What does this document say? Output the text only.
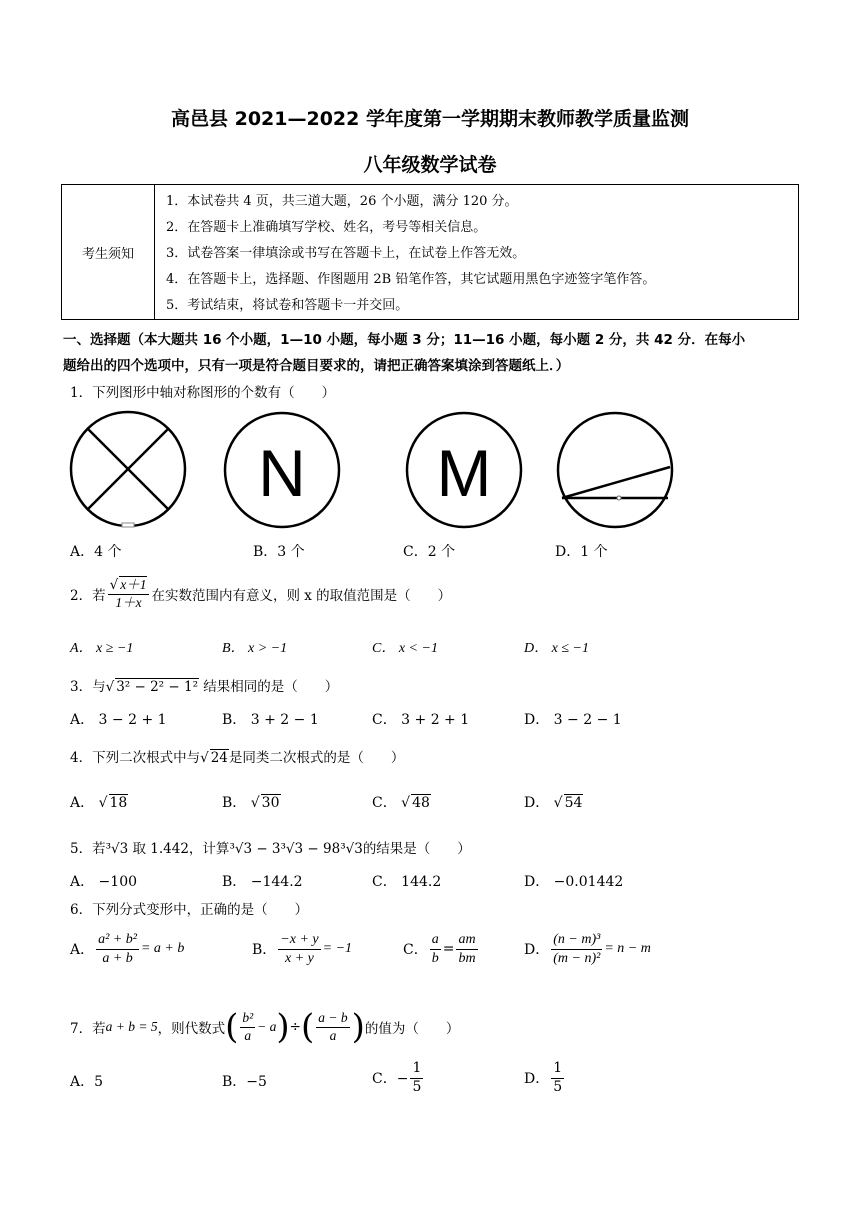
高邑县 2021—2022 学年度第一学期期末教师教学质量监测
八年级数学试卷
考生须知
1．本试卷共 4 页，共三道大题，26 个小题，满分 120 分。
2．在答题卡上准确填写学校、姓名，考号等相关信息。
3．试卷答案一律填涂或书写在答题卡上，在试卷上作答无效。
4．在答题卡上，选择题、作图题用 2B 铅笔作答，其它试题用黑色字迹签字笔作答。
5．考试结束，将试卷和答题卡一并交回。
一、选择题（本大题共 16 个小题，1—10 小题，每小题 3 分；11—16 小题，每小题 2 分，共 42 分．在每小
题给出的四个选项中，只有一项是符合题目要求的，请把正确答案填涂到答题纸上．）
1．下列图形中轴对称图形的个数有（　　）
N M
A．4 个	B．3 个	C．2 个	D．1 个
2．若 $\frac{√ x+1}{1+x}$ 在实数范围内有意义，则 x 的取值范围是（　　）
A． x ≥ −1	B． x > −1	C． x < −1	D． x ≤ −1
3．与√ 3² − 2² − 1² 结果相同的是（　　）
A． 3 − 2 + 1	B． 3 + 2 − 1	C． 3 + 2 + 1	D． 3 − 2 − 1
4．下列二次根式中与√ 24是同类二次根式的是（　　）
A． √ 18	B． √ 30	C． √ 48	D． √ 54
5．若³√3 取 1.442，计算³√3 − 3³√3 − 98³√3的结果是（　　）
A． −100	B． −144.2	C． 144.2	D． −0.01442
6．下列分式变形中，正确的是（　　）
A． $\frac{\text{a² + b²}}{a + b} = a + b$	B． $\frac{-x + y}{x + y} = -1$	C． $\frac{a}{b} = \frac{am}{bm}$	D． $\frac{\text{(n − m)³}}{\text{(m − n)²}} = n - m$
7．若 a + b = 5 ，则代数式 ( $\frac{\text{b²}}{a} - a$ ) ÷ ( $\frac{a - b}{a}$ ) 的值为（　　）
A．5	B．−5	C．− $\frac{1}{5}$	D． $\frac{1}{5}$
